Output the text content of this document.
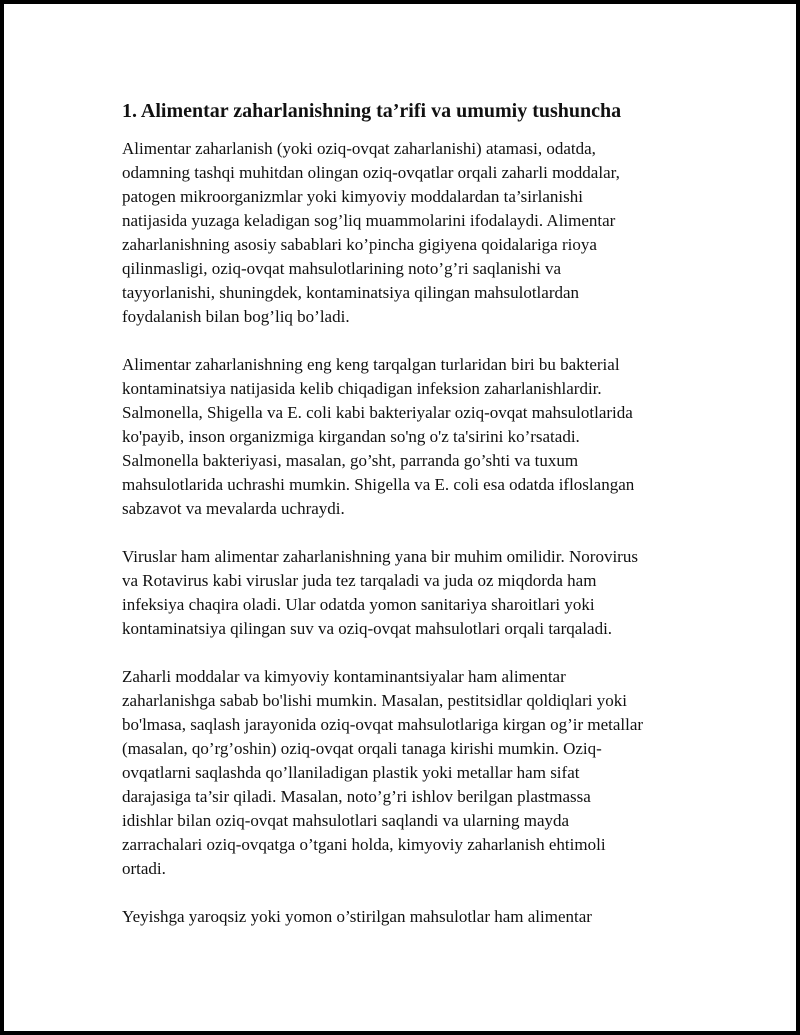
1. Alimentar zaharlanishning ta’rifi va umumiy tushuncha

Alimentar zaharlanish (yoki oziq-ovqat zaharlanishi) atamasi, odatda,
odamning tashqi muhitdan olingan oziq-ovqatlar orqali zaharli moddalar,
patogen mikroorganizmlar yoki kimyoviy moddalardan ta’sirlanishi
natijasida yuzaga keladigan sog’liq muammolarini ifodalaydi. Alimentar
zaharlanishning asosiy sabablari ko’pincha gigiyena qoidalariga rioya
qilinmasligi, oziq-ovqat mahsulotlarining noto’g’ri saqlanishi va
tayyorlanishi, shuningdek, kontaminatsiya qilingan mahsulotlardan
foydalanish bilan bog’liq bo’ladi.

Alimentar zaharlanishning eng keng tarqalgan turlaridan biri bu bakterial
kontaminatsiya natijasida kelib chiqadigan infeksion zaharlanishlardir.
Salmonella, Shigella va E. coli kabi bakteriyalar oziq-ovqat mahsulotlarida
ko'payib, inson organizmiga kirgandan so'ng o'z ta'sirini ko’rsatadi.
Salmonella bakteriyasi, masalan, go’sht, parranda go’shti va tuxum
mahsulotlarida uchrashi mumkin. Shigella va E. coli esa odatda ifloslangan
sabzavot va mevalarda uchraydi.

Viruslar ham alimentar zaharlanishning yana bir muhim omilidir. Norovirus
va Rotavirus kabi viruslar juda tez tarqaladi va juda oz miqdorda ham
infeksiya chaqira oladi. Ular odatda yomon sanitariya sharoitlari yoki
kontaminatsiya qilingan suv va oziq-ovqat mahsulotlari orqali tarqaladi.

Zaharli moddalar va kimyoviy kontaminantsiyalar ham alimentar
zaharlanishga sabab bo'lishi mumkin. Masalan, pestitsidlar qoldiqlari yoki
bo'lmasa, saqlash jarayonida oziq-ovqat mahsulotlariga kirgan og’ir metallar
(masalan, qo’rg’oshin) oziq-ovqat orqali tanaga kirishi mumkin. Oziq-
ovqatlarni saqlashda qo’llaniladigan plastik yoki metallar ham sifat
darajasiga ta’sir qiladi. Masalan, noto’g’ri ishlov berilgan plastmassa
idishlar bilan oziq-ovqat mahsulotlari saqlandi va ularning mayda
zarrachalari oziq-ovqatga o’tgani holda, kimyoviy zaharlanish ehtimoli
ortadi.

Yeyishga yaroqsiz yoki yomon o’stirilgan mahsulotlar ham alimentar
